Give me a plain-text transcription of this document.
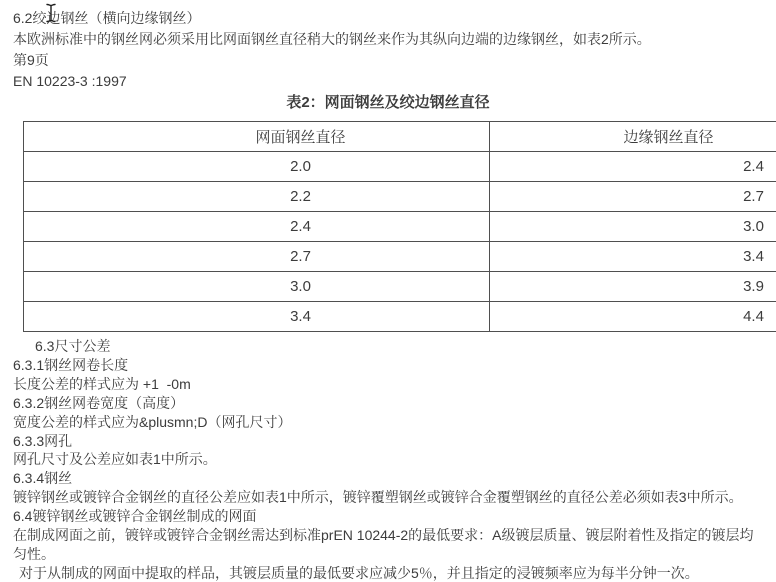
6.2绞边钢丝（横向边缘钢丝）

本欧洲标准中的钢丝网必须采用比网面钢丝直径稍大的钢丝来作为其纵向边端的边缘钢丝，如表2所示。

第9页

EN 10223-3 :1997

表2：网面钢丝及绞边钢丝直径

网面钢丝直径	边缘钢丝直径
2.0	2.4
2.2	2.7
2.4	3.0
2.7	3.4
3.0	3.9
3.4	4.4

6.3尺寸公差

6.3.1钢丝网卷长度

长度公差的样式应为 +1  -0m

6.3.2钢丝网卷宽度（高度）

宽度公差的样式应为&plusmn;D（网孔尺寸）

6.3.3网孔

网孔尺寸及公差应如表1中所示。

6.3.4钢丝

镀锌钢丝或镀锌合金钢丝的直径公差应如表1中所示，镀锌覆塑钢丝或镀锌合金覆塑钢丝的直径公差必须如表3中所示。

6.4镀锌钢丝或镀锌合金钢丝制成的网面

在制成网面之前，镀锌或镀锌合金钢丝需达到标准prEN 10244-2的最低要求：A级镀层质量、镀层附着性及指定的镀层均匀性。

对于从制成的网面中提取的样品，其镀层质量的最低要求应减少5％，并且指定的浸镀频率应为每半分钟一次。
